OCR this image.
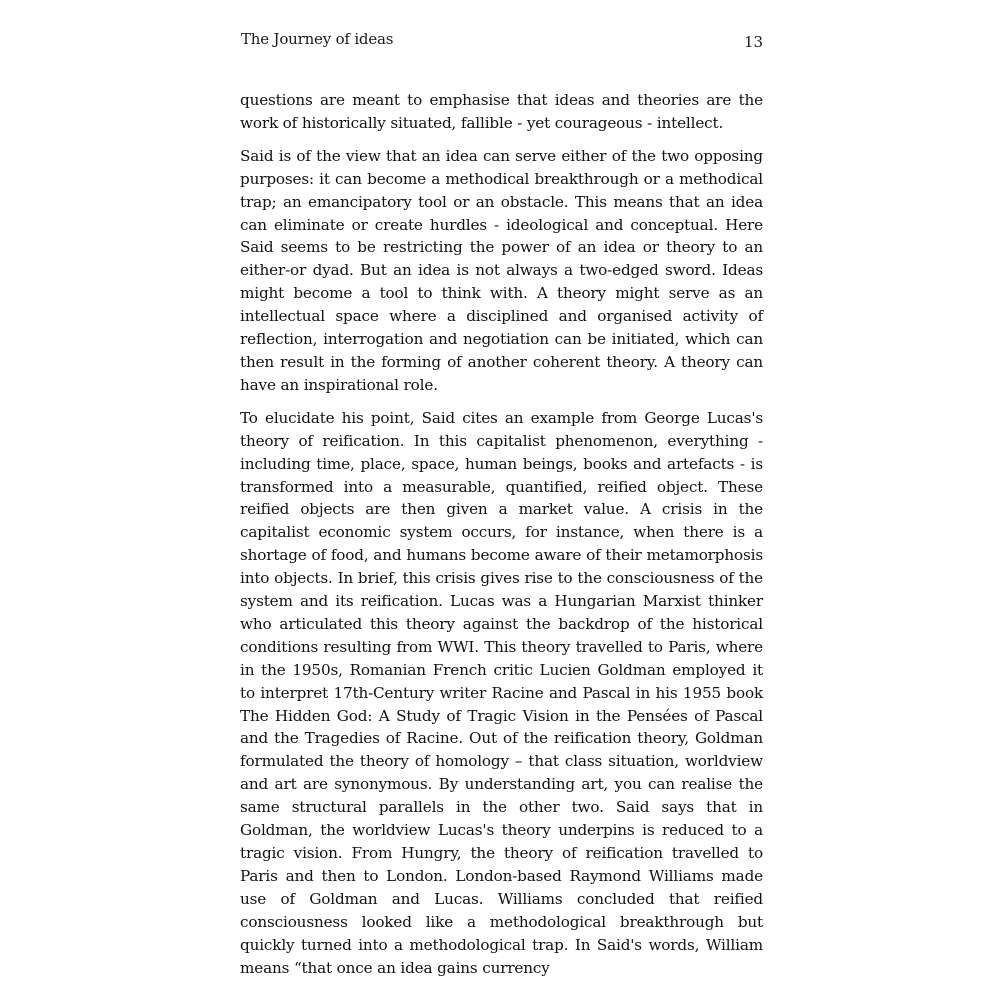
The Journey of ideas	13

questions are meant to emphasise that ideas and theories are the work of historically situated, fallible - yet courageous - intellect.

Said is of the view that an idea can serve either of the two opposing purposes: it can become a methodical breakthrough or a methodical trap; an emancipatory tool or an obstacle. This means that an idea can eliminate or create hurdles - ideological and conceptual. Here Said seems to be restricting the power of an idea or theory to an either-or dyad. But an idea is not always a two-edged sword. Ideas might become a tool to think with. A theory might serve as an intellectual space where a disciplined and organised activity of reflection, interrogation and negotiation can be initiated, which can then result in the forming of another coherent theory. A theory can have an inspirational role.

To elucidate his point, Said cites an example from George Lucas's theory of reification. In this capitalist phenomenon, everything - including time, place, space, human beings, books and artefacts - is transformed into a measurable, quantified, reified object. These reified objects are then given a market value. A crisis in the capitalist economic system occurs, for instance, when there is a shortage of food, and humans become aware of their metamorphosis into objects. In brief, this crisis gives rise to the consciousness of the system and its reification. Lucas was a Hungarian Marxist thinker who articulated this theory against the backdrop of the historical conditions resulting from WWI. This theory travelled to Paris, where in the 1950s, Romanian French critic Lucien Goldman employed it to interpret 17th-Century writer Racine and Pascal in his 1955 book The Hidden God: A Study of Tragic Vision in the Pensées of Pascal and the Tragedies of Racine. Out of the reification theory, Goldman formulated the theory of homology – that class situation, worldview and art are synonymous. By understanding art, you can realise the same structural parallels in the other two. Said says that in Goldman, the worldview Lucas's theory underpins is reduced to a tragic vision. From Hungry, the theory of reification travelled to Paris and then to London. London-based Raymond Williams made use of Goldman and Lucas. Williams concluded that reified consciousness looked like a methodological breakthrough but quickly turned into a methodological trap. In Said's words, William means “that once an idea gains currency
